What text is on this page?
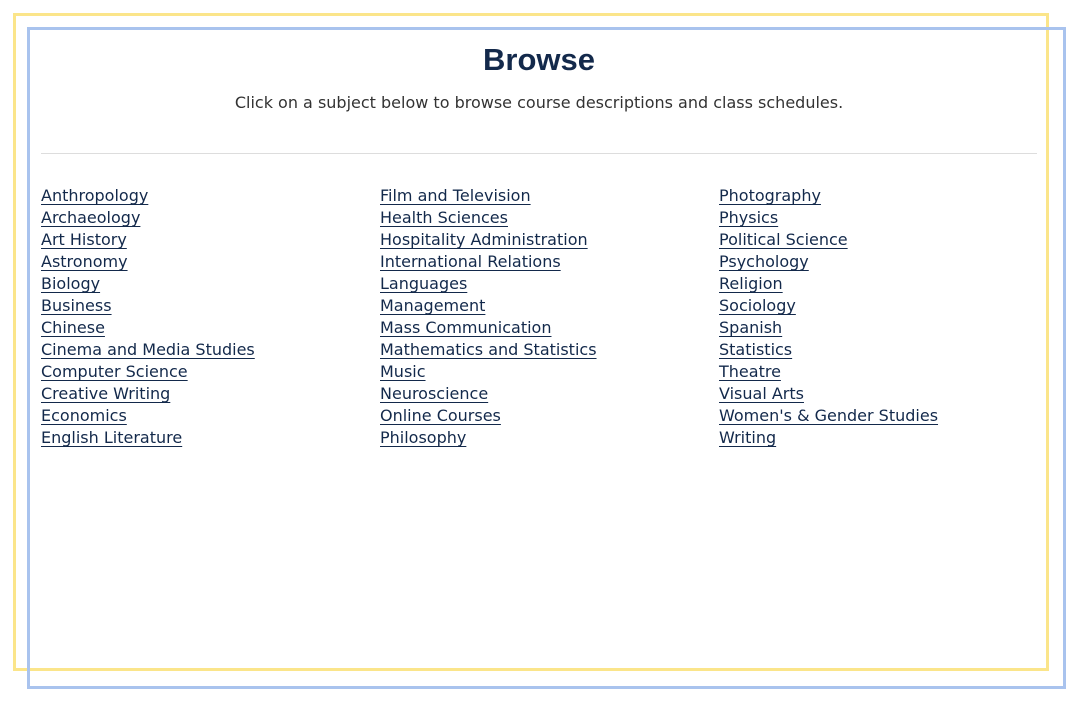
Browse
Click on a subject below to browse course descriptions and class schedules.
Anthropology
Archaeology
Art History
Astronomy
Biology
Business
Chinese
Cinema and Media Studies
Computer Science
Creative Writing
Economics
English Literature
Film and Television
Health Sciences
Hospitality Administration
International Relations
Languages
Management
Mass Communication
Mathematics and Statistics
Music
Neuroscience
Online Courses
Philosophy
Photography
Physics
Political Science
Psychology
Religion
Sociology
Spanish
Statistics
Theatre
Visual Arts
Women's & Gender Studies
Writing
